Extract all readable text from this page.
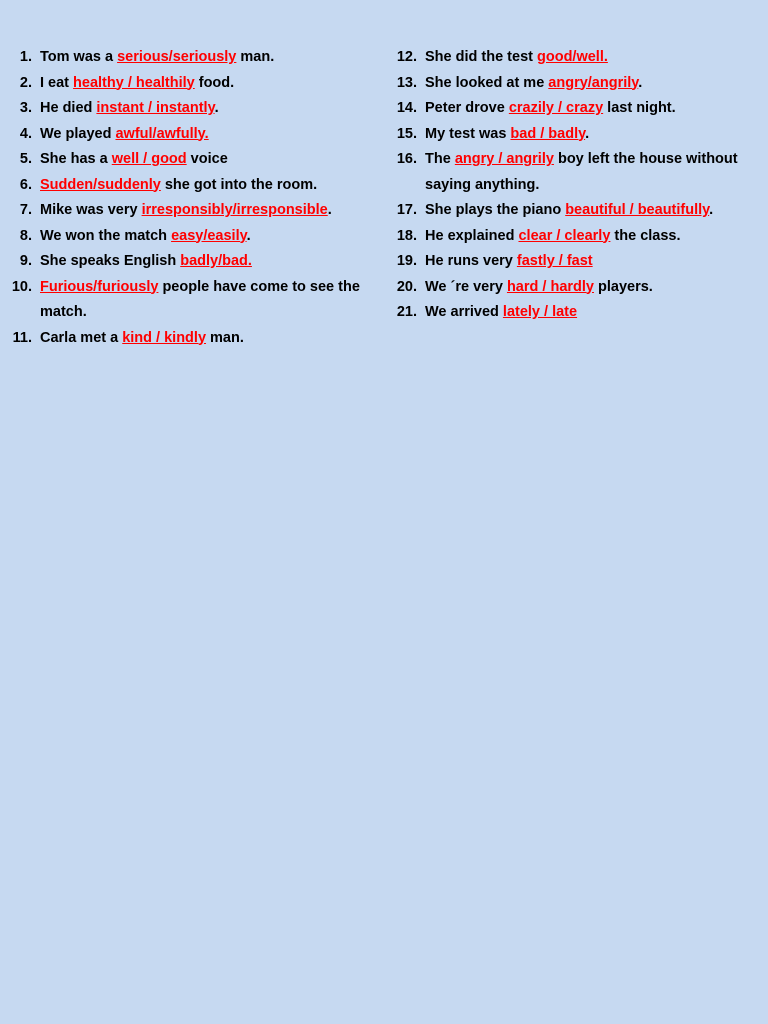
1. Tom was a serious/seriously man.
2. I eat healthy / healthily food.
3. He died instant / instantly.
4. We played awful/awfully.
5. She has a well / good voice
6. Sudden/suddenly she got into the room.
7. Mike was very irresponsibly/irresponsible.
8. We won the match easy/easily.
9. She speaks English badly/bad.
10. Furious/furiously people have come to see the match.
11. Carla met a kind / kindly man.
12. She did the test good/well.
13. She looked at me angry/angrily.
14. Peter drove crazily / crazy last night.
15. My test was bad / badly.
16. The angry / angrily boy left the house without saying anything.
17. She plays the piano beautiful / beautifully.
18. He explained clear / clearly the class.
19. He runs very fastly / fast
20. We ´re very hard / hardly players.
21. We arrived lately / late
